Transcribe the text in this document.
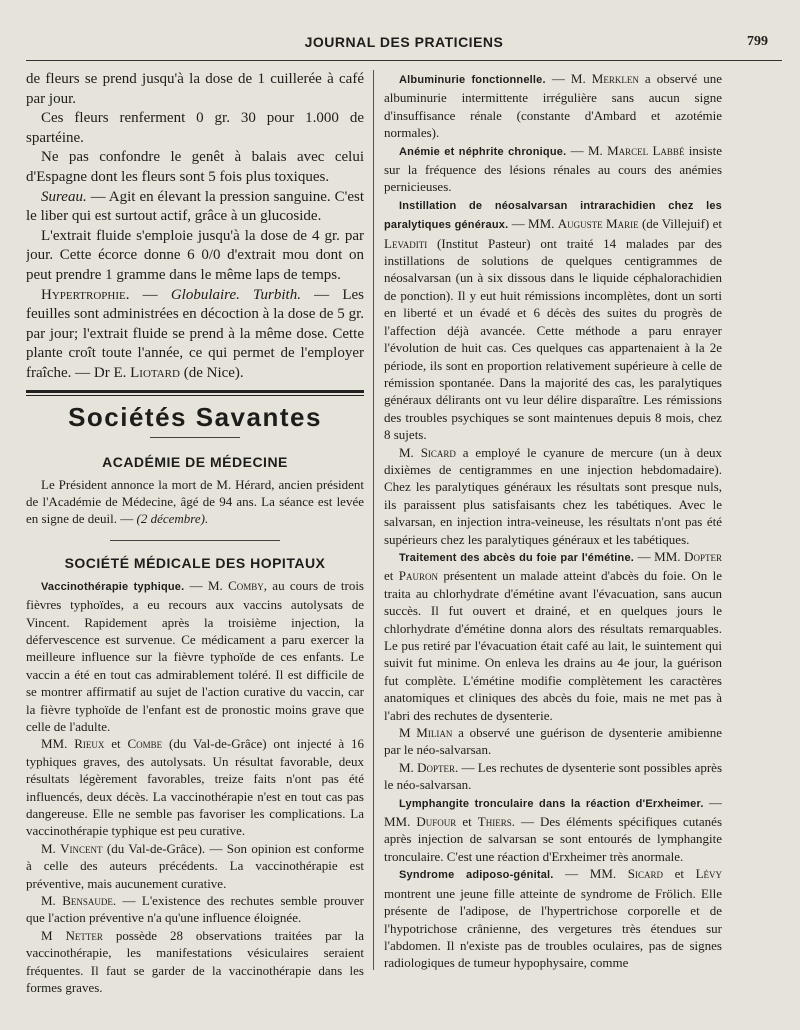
JOURNAL DES PRATICIENS	799

de fleurs se prend jusqu'à la dose de 1 cuillerée à café par jour.

Ces fleurs renferment 0 gr. 30 pour 1.000 de spartéine.

Ne pas confondre le genêt à balais avec celui d'Espagne dont les fleurs sont 5 fois plus toxiques.

Sureau. — Agit en élevant la pression sanguine. C'est le liber qui est surtout actif, grâce à un glucoside.

L'extrait fluide s'emploie jusqu'à la dose de 4 gr. par jour. Cette écorce donne 6 0/0 d'extrait mou dont on peut prendre 1 gramme dans le même laps de temps.

Hypertrophie. — Globulaire. Turbith. — Les feuilles sont administrées en décoction à la dose de 5 gr. par jour; l'extrait fluide se prend à la même dose. Cette plante croît toute l'année, ce qui permet de l'employer fraîche. — Dr E. Liotard (de Nice).

Sociétés Savantes
ACADÉMIE DE MÉDECINE

Le Président annonce la mort de M. Hérard, ancien président de l'Académie de Médecine, âgé de 94 ans. La séance est levée en signe de deuil. — (2 décembre).

SOCIÉTÉ MÉDICALE DES HOPITAUX

Vaccinothérapie typhique. — M. Comby, au cours de trois fièvres typhoïdes, a eu recours aux vaccins autolysats de Vincent. Rapidement après la troisième injection, la défervescence est survenue. Ce médicament a paru exercer la meilleure influence sur la fièvre typhoïde de ces enfants. Le vaccin a été en tout cas admirablement toléré. Il est difficile de se montrer affirmatif au sujet de l'action curative du vaccin, car la fièvre typhoïde de l'enfant est de pronostic moins grave que celle de l'adulte.

MM. Rieux et Combe (du Val-de-Grâce) ont injecté à 16 typhiques graves, des autolysats. Un résultat favorable, deux résultats légèrement favorables, treize faits n'ont pas été influencés, deux décès. La vaccinothérapie n'est en tout cas pas dangereuse. Elle ne semble pas favoriser les complications. La vaccinothérapie typhique est peu curative.

M. Vincent (du Val-de-Grâce). — Son opinion est conforme à celle des auteurs précédents. La vaccinothérapie est préventive, mais aucunement curative.

M. Bensaude. — L'existence des rechutes semble prouver que l'action préventive n'a qu'une influence éloignée.

M Netter possède 28 observations traitées par la vaccinothérapie, les manifestations vésiculaires seraient fréquentes. Il faut se garder de la vaccinothérapie dans les formes graves.

Albuminurie fonctionnelle. — M. Merklen a observé une albuminurie intermittente irrégulière sans aucun signe d'insuffisance rénale (constante d'Ambard et azotémie normales).

Anémie et néphrite chronique. — M. Marcel Labbé insiste sur la fréquence des lésions rénales au cours des anémies pernicieuses.

Instillation de néosalvarsan intrarachidien chez les paralytiques généraux. — MM. Auguste Marie (de Villejuif) et Levaditi (Institut Pasteur) ont traité 14 malades par des instillations de solutions de quelques centigrammes de néosalvarsan (un à six dissous dans le liquide céphalorachidien de ponction). Il y eut huit rémissions incomplètes, dont un sorti en liberté et un évadé et 6 décès des suites du progrès de l'affection déjà avancée. Cette méthode a paru enrayer l'évolution de huit cas. Ces quelques cas appartenaient à la 2e période, ils sont en proportion relativement supérieure à celle de rémission spontanée. Dans la majorité des cas, les paralytiques généraux délirants ont vu leur délire disparaître. Les rémissions des troubles psychiques se sont maintenues depuis 8 mois, chez 8 sujets.

M. Sicard a employé le cyanure de mercure (un à deux dixièmes de centigrammes en une injection hebdomadaire). Chez les paralytiques généraux les résultats sont presque nuls, ils paraissent plus satisfaisants chez les tabétiques. Avec le salvarsan, en injection intra-veineuse, les résultats n'ont pas été supérieurs chez les paralytiques généraux et les tabétiques.

Traitement des abcès du foie par l'émétine. — MM. Dopter et Pauron présentent un malade atteint d'abcès du foie. On le traita au chlorhydrate d'émétine avant l'évacuation, sans aucun succès. Il fut ouvert et drainé, et en quelques jours le chlorhydrate d'émétine donna alors des résultats remarquables. Le pus retiré par l'évacuation était café au lait, le suintement qui suivit fut minime. On enleva les drains au 4e jour, la guérison fut complète. L'émétine modifie complètement les caractères anatomiques et cliniques des abcès du foie, mais ne met pas à l'abri des rechutes de dysenterie.

M Milian a observé une guérison de dysenterie amibienne par le néo-salvarsan.

M. Dopter. — Les rechutes de dysenterie sont possibles après le néo-salvarsan.

Lymphangite tronculaire dans la réaction d'Erxheimer. — MM. Dufour et Thiers. — Des éléments spécifiques cutanés après injection de salvarsan se sont entourés de lymphangite tronculaire. C'est une réaction d'Erxheimer très anormale.

Syndrome adiposo-génital. — MM. Sicard et Lévy montrent une jeune fille atteinte de syndrome de Frölich. Elle présente de l'adipose, de l'hypertrichose corporelle et de l'hypotrichose crânienne, des vergetures très étendues sur l'abdomen. Il n'existe pas de troubles oculaires, pas de signes radiologiques de tumeur hypophysaire, comme
